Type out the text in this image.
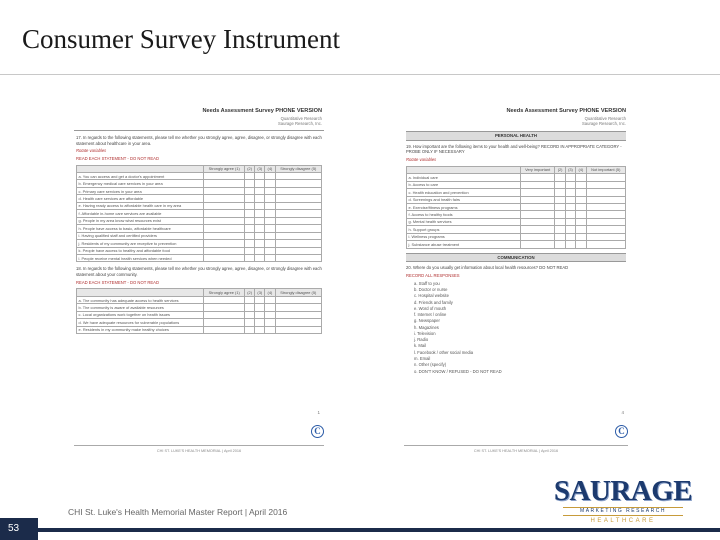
Consumer Survey Instrument
Needs Assessment Survey PHONE VERSION
Quantitative Research
Saurage Research, Inc.
17. In regards to the following statements, please tell me whether you strongly agree, agree, disagree, or strongly disagree with each statement about healthcare in your area.
Rotate variables
READ EACH STATEMENT - DO NOT READ
	Strongly agree (1)	(2)	(3)	(4)	Strongly disagree (5)
a. You can access and get a doctor's appointment					
b. Emergency medical care services in your area					
c. Primary care services in your area					
d. Health care services are affordable					
e. Having ready access to affordable health care in my area					
f. Affordable in-home care services are available					
g. People in my area know what resources exist					
h. People have access to basic, affordable healthcare					
i. Having qualified staff and certified providers					
j. Residents of my community are receptive to prevention					
k. People have access to healthy and affordable food					
l. People receive mental health services when needed					
18. In regards to the following statements, please tell me whether you strongly agree, agree, disagree, or strongly disagree with each statement about your community.
READ EACH STATEMENT - DO NOT READ
	Strongly agree (1)	(2)	(3)	(4)	Strongly disagree (5)
a. The community has adequate access to health services					
b. The community is aware of available resources					
c. Local organizations work together on health issues					
d. We have adequate resources for vulnerable populations					
e. Residents in my community make healthy choices					
1
C
CHI ST. LUKE'S HEALTH MEMORIAL | April 2016
Needs Assessment Survey PHONE VERSION
Quantitative Research
Saurage Research, Inc.
PERSONAL HEALTH
19. How important are the following items to your health and well-being? RECORD IN APPROPRIATE CATEGORY - PROBE ONLY IF NECESSARY
Rotate variables
	Very important	(2)	(3)	(4)	Not important (5)
a. Individual care					
b. Access to care					
c. Health education and prevention					
d. Screenings and health fairs					
e. Exercise/fitness programs					
f. Access to healthy foods					
g. Mental health services					
h. Support groups					
i. Wellness programs					
j. Substance abuse treatment					
COMMUNICATION
20. Where do you usually get information about local health resources? DO NOT READ
RECORD ALL RESPONSES
a. Staff to you
b. Doctor or nurse
c. Hospital website
d. Friends and family
e. Word of mouth
f. Internet / online
g. Newspaper
h. Magazines
i. Television
j. Radio
k. Mail
l. Facebook / other social media
m. Email
n. Other (specify)
o. DON'T KNOW / REFUSED - DO NOT READ
4
C
CHI ST. LUKE'S HEALTH MEMORIAL | April 2016
CHI St. Luke's Health Memorial Master Report | April 2016
53
SAURAGE
MARKETING RESEARCH
HEALTHCARE
